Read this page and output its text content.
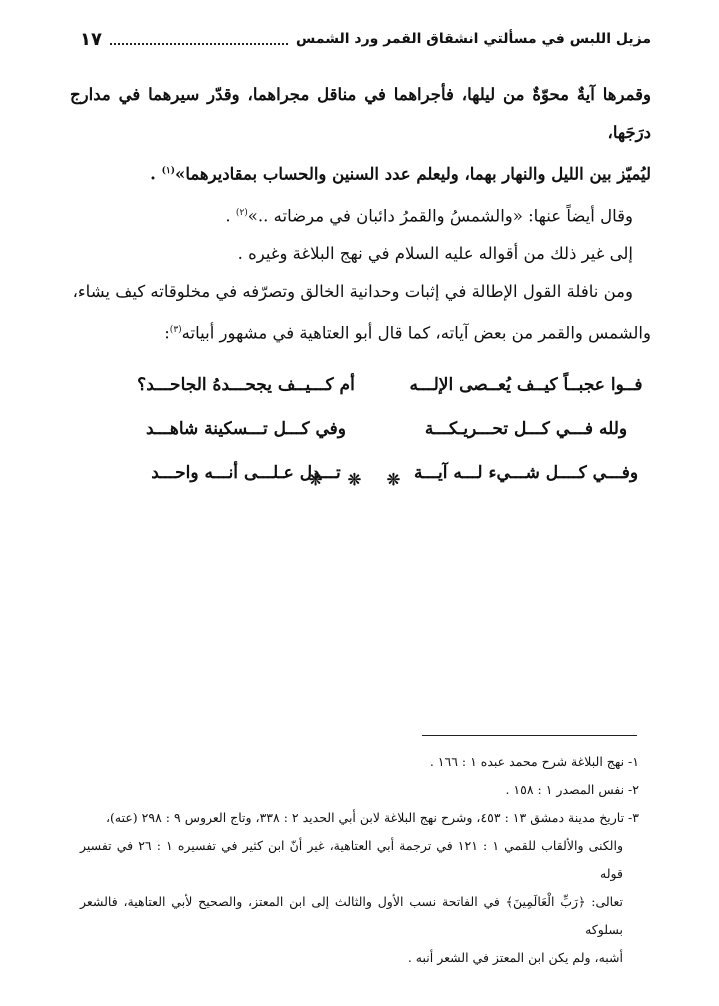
مزيل اللبس في مسألتي انشقاق القمر ورد الشمس
١٧

وقمرها آيةٌ محوّةٌ من ليلها، فأجراهما في مناقل مجراهما، وقدّر سيرهما في مدارج درَجَها،

ليُميّز بين الليل والنهار بهما، وليعلم عدد السنين والحساب بمقاديرهما»$^{(١)}$ .

وقال أيضاً عنها: «والشمسُ والقمرُ دائبان في مرضاته ..»$^{(٢)}$ .

إلى غير ذلك من أقواله عليه السلام في نهج البلاغة وغيره .

ومن نافلة القول الإطالة في إثبات وحدانية الخالق وتصرّفه في مخلوقاته كيف يشاء،

والشمس والقمر من بعض آياته، كما قال أبو العتاهية في مشهور أبياته$^{(٣)}$:

فــوا عجبــاً كيــف يُعــصى الإلـــه
أم كـــيــف يجحـــدهُ الجاحـــد؟
ولله فـــي كـــل تحـــريـكـــة
وفي كـــل تـــسكينة شاهـــد
وفـــي كــــل شـــيء لـــه آيـــة
تـــدل عـلـــى أنـــه واحـــد
❊ ❊ ❊

١- نهج البلاغة شرح محمد عبده ١ : ١٦٦ .

٢- نفس المصدر ١ : ١٥٨ .

٣- تاريخ مدينة دمشق ١٣ : ٤٥٣، وشرح نهج البلاغة لابن أبي الحديد ٢ : ٣٣٨، وتاج العروس ٩ : ٢٩٨ (عته)،

والكنى والألقاب للقمي ١ : ١٢١ في ترجمة أبي العتاهية، غير أنّ ابن كثير في تفسيره ١ : ٢٦ في تفسير قوله

تعالى: ﴿رَبِّ الْعَالَمِينَ﴾ في الفاتحة نسب الأول والثالث إلى ابن المعتز، والصحيح لأبي العتاهية، فالشعر بسلوكه

أشبه، ولم يكن ابن المعتز في الشعر أنبه .
